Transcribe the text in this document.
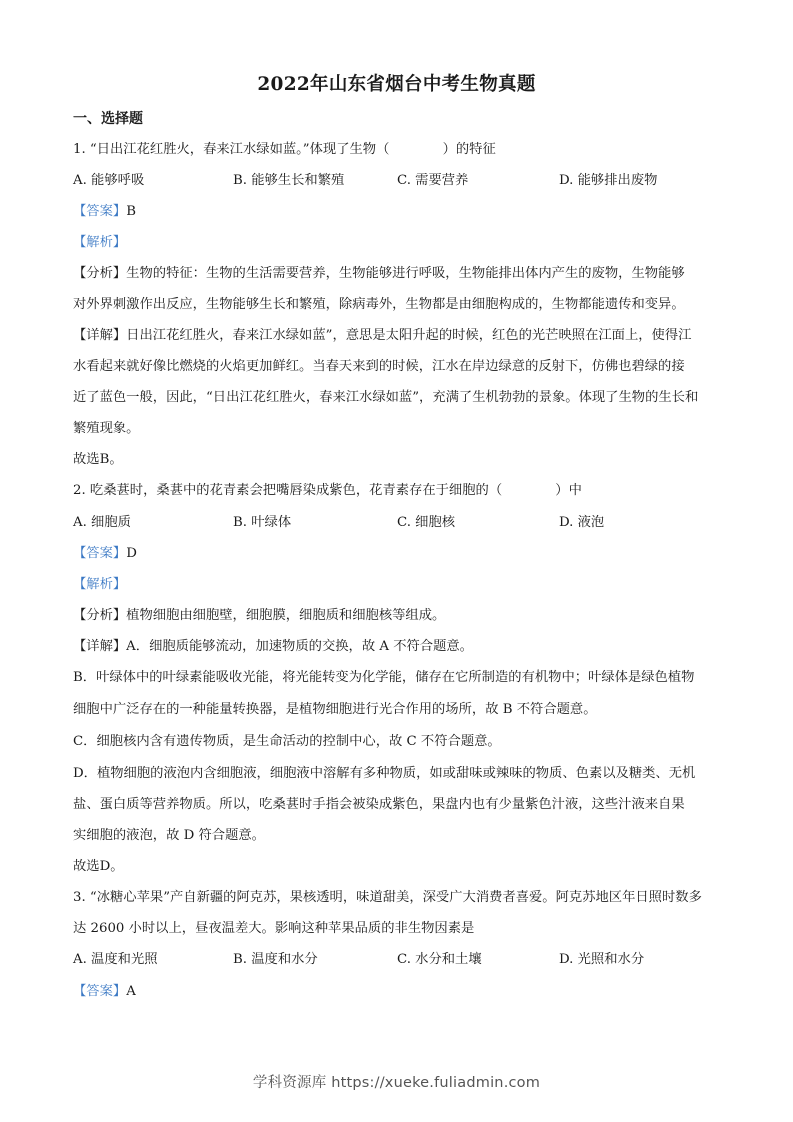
2022年山东省烟台中考生物真题
一、选择题
1. “日出江花红胜火，春来江水绿如蓝。”体现了生物（　　　　）的特征
A. 能够呼吸	B. 能够生长和繁殖	C. 需要营养	D. 能够排出废物
【答案】B
【解析】
【分析】生物的特征：生物的生活需要营养，生物能够进行呼吸，生物能排出体内产生的废物，生物能够
对外界刺激作出反应，生物能够生长和繁殖，除病毒外，生物都是由细胞构成的，生物都能遗传和变异。
【详解】日出江花红胜火，春来江水绿如蓝”，意思是太阳升起的时候，红色的光芒映照在江面上，使得江
水看起来就好像比燃烧的火焰更加鲜红。当春天来到的时候，江水在岸边绿意的反射下，仿佛也碧绿的接
近了蓝色一般，因此，“日出江花红胜火，春来江水绿如蓝”，充满了生机勃勃的景象。体现了生物的生长和
繁殖现象。
故选B。
2. 吃桑葚时，桑葚中的花青素会把嘴唇染成紫色，花青素存在于细胞的（　　　　）中
A. 细胞质	B. 叶绿体	C. 细胞核	D. 液泡
【答案】D
【解析】
【分析】植物细胞由细胞壁，细胞膜，细胞质和细胞核等组成。
【详解】A．细胞质能够流动，加速物质的交换，故 A 不符合题意。
B．叶绿体中的叶绿素能吸收光能，将光能转变为化学能，储存在它所制造的有机物中；叶绿体是绿色植物
细胞中广泛存在的一种能量转换器，是植物细胞进行光合作用的场所，故 B 不符合题意。
C．细胞核内含有遗传物质，是生命活动的控制中心，故 C 不符合题意。
D．植物细胞的液泡内含细胞液，细胞液中溶解有多种物质，如或甜味或辣味的物质、色素以及糖类、无机
盐、蛋白质等营养物质。所以，吃桑葚时手指会被染成紫色，果盘内也有少量紫色汁液，这些汁液来自果
实细胞的液泡，故 D 符合题意。
故选D。
3. “冰糖心苹果”产自新疆的阿克苏，果核透明，味道甜美，深受广大消费者喜爱。阿克苏地区年日照时数多
达 2600 小时以上，昼夜温差大。影响这种苹果品质的非生物因素是
A. 温度和光照	B. 温度和水分	C. 水分和土壤	D. 光照和水分
【答案】A
学科资源库 https://xueke.fuliadmin.com
